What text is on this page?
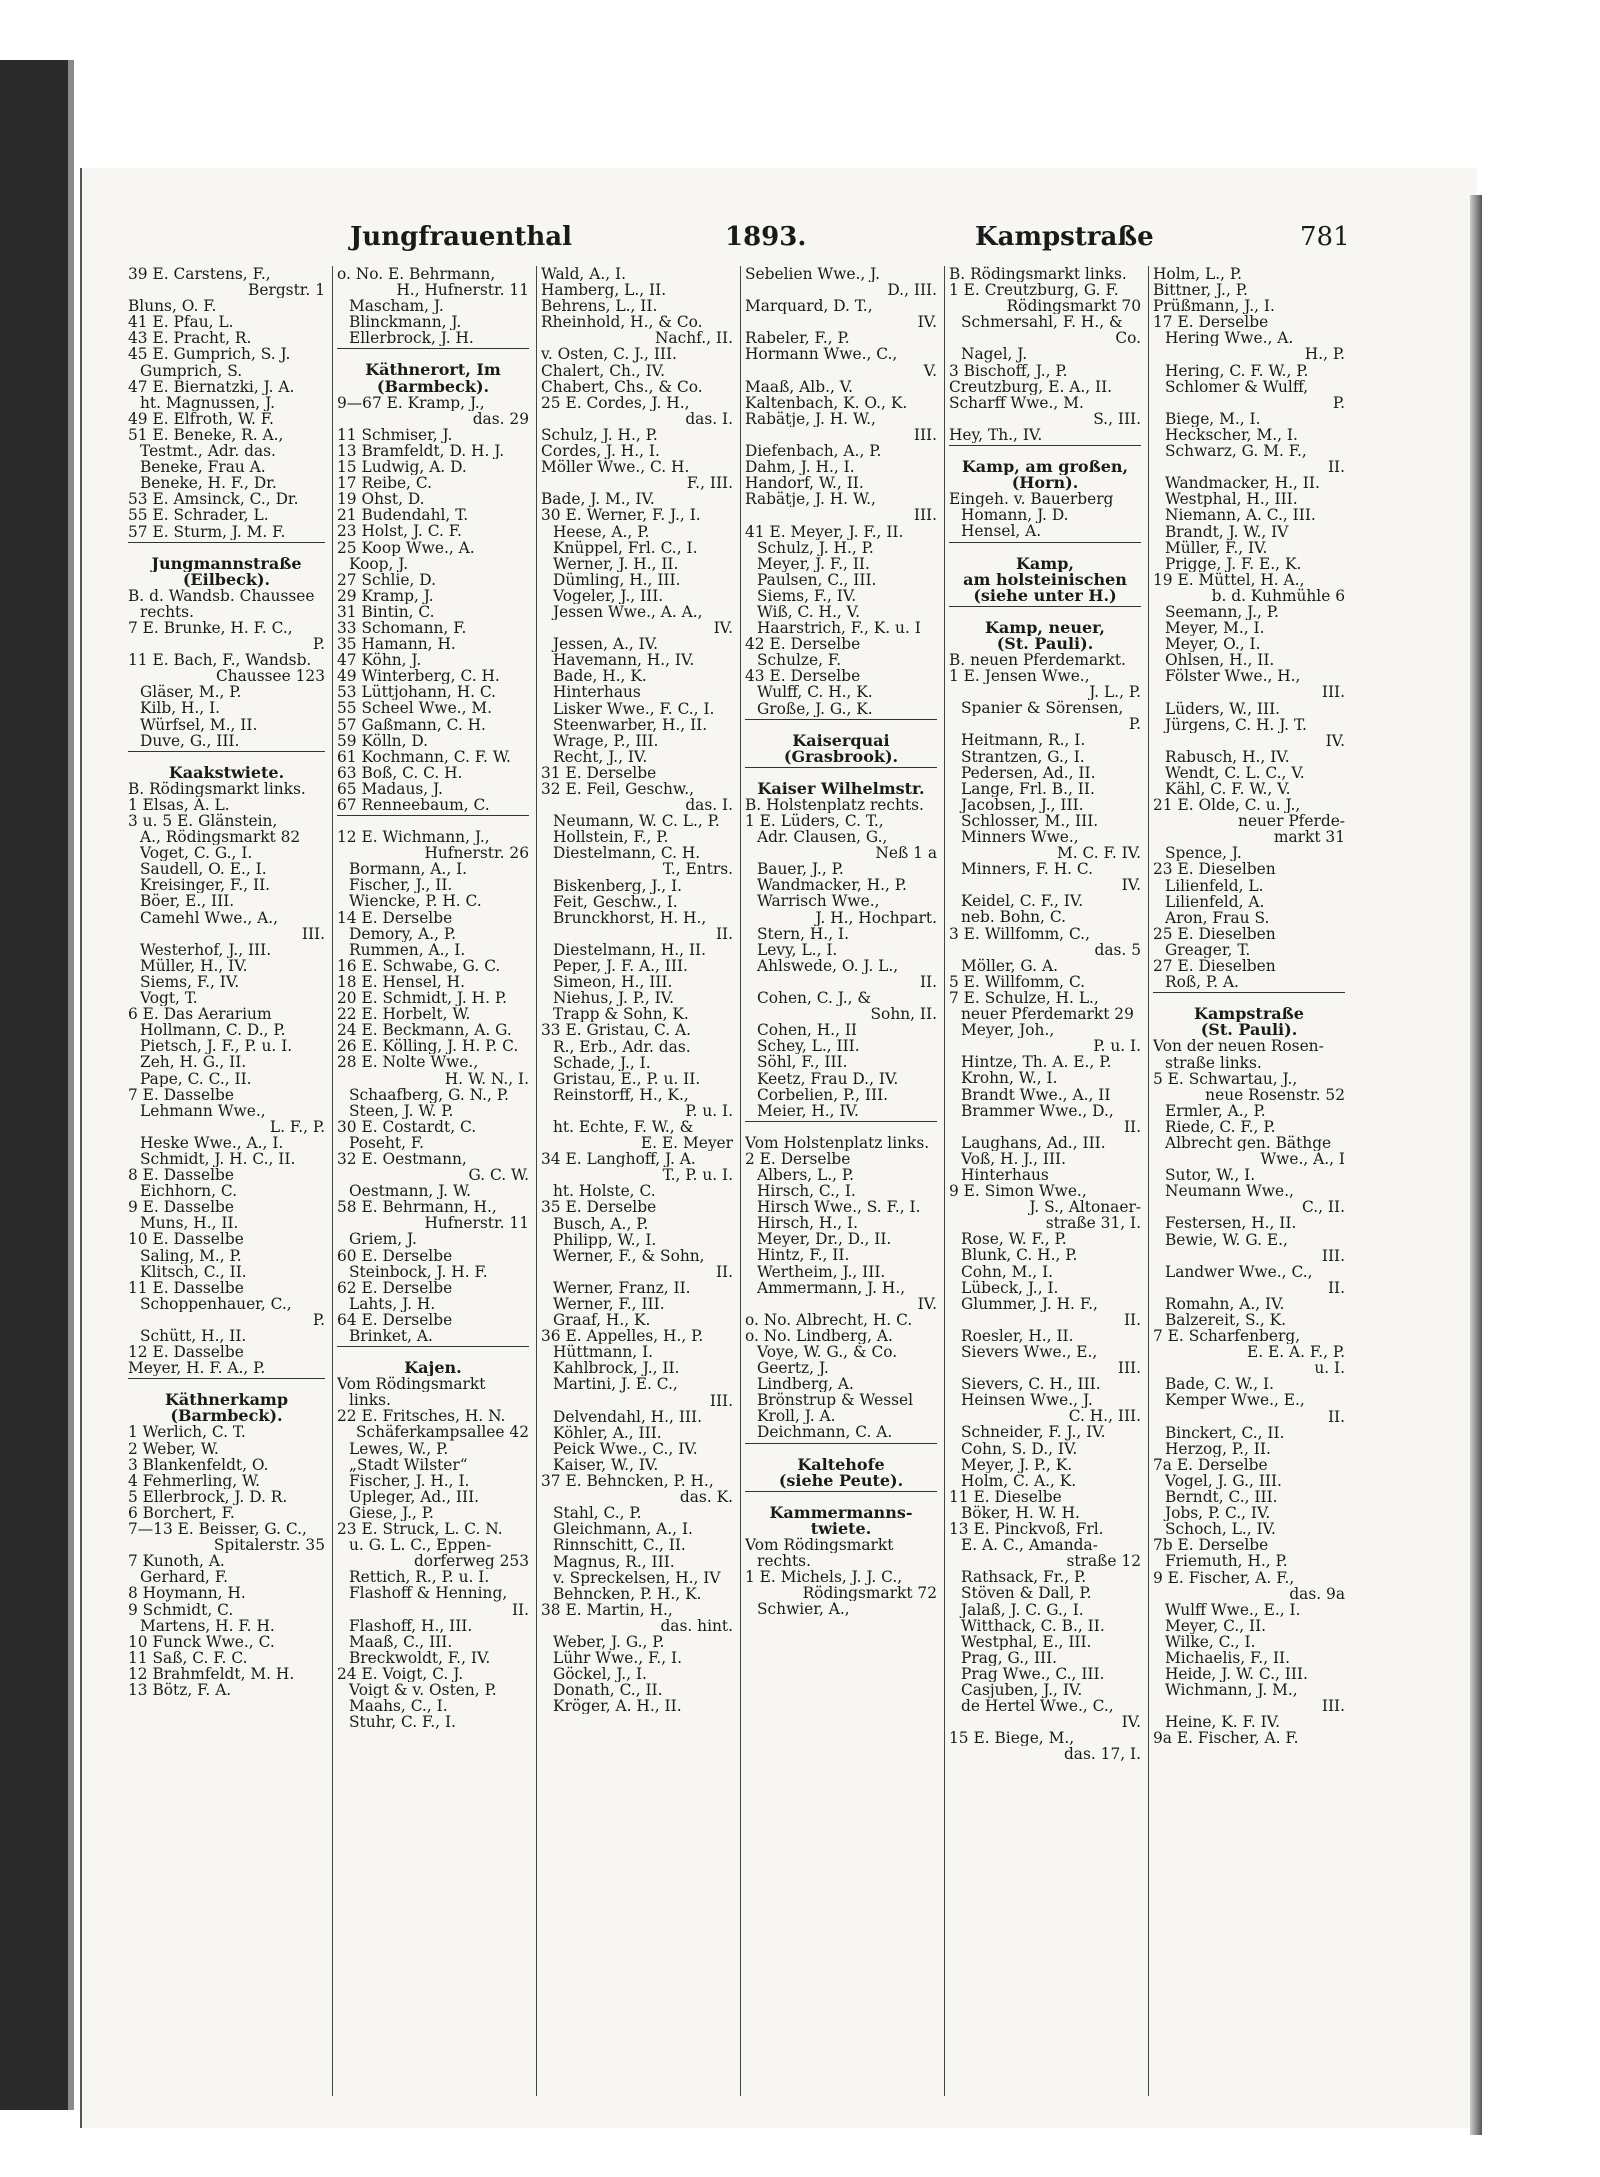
Jungfrauenthal	1893.	Kampstraße	781
39 E. Carstens, F.,
Bergstr. 1
Bluns, O. F.
41 E. Pfau, L.
43 E. Pracht, R.
45 E. Gumprich, S. J.
Gumprich, S.
47 E. Biernatzki, J. A.
ht. Magnussen, J.
49 E. Elfroth, W. F.
51 E. Beneke, R. A.,
Testmt., Adr. das.
Beneke, Frau A.
Beneke, H. F., Dr.
53 E. Amsinck, C., Dr.
55 E. Schrader, L.
57 E. Sturm, J. M. F.
Jungmannstraße
(Eilbeck).
B. d. Wandsb. Chaussee
rechts.
7 E. Brunke, H. F. C.,
P.
11 E. Bach, F., Wandsb.
Chaussee 123
Gläser, M., P.
Kilb, H., I.
Würfsel, M., II.
Duve, G., III.
Kaakstwiete.
B. Rödingsmarkt links.
1 Elsas, A. L.
3 u. 5 E. Glänstein,
A., Rödingsmarkt 82
Voget, C. G., I.
Saudell, O. E., I.
Kreisinger, F., II.
Böer, E., III.
Camehl Wwe., A.,
III.
Westerhof, J., III.
Müller, H., IV.
Siems, F., IV.
Vogt, T.
6 E. Das Aerarium
Hollmann, C. D., P.
Pietsch, J. F., P. u. I.
Zeh, H. G., II.
Pape, C. C., II.
7 E. Dasselbe
Lehmann Wwe.,
L. F., P.
Heske Wwe., A., I.
Schmidt, J. H. C., II.
8 E. Dasselbe
Eichhorn, C.
9 E. Dasselbe
Muns, H., II.
10 E. Dasselbe
Saling, M., P.
Klitsch, C., II.
11 E. Dasselbe
Schoppenhauer, C.,
P.
Schütt, H., II.
12 E. Dasselbe
Meyer, H. F. A., P.
Käthnerkamp
(Barmbeck).
1 Werlich, C. T.
2 Weber, W.
3 Blankenfeldt, O.
4 Fehmerling, W.
5 Ellerbrock, J. D. R.
6 Borchert, F.
7—13 E. Beisser, G. C.,
Spitalerstr. 35
7 Kunoth, A.
Gerhard, F.
8 Hoymann, H.
9 Schmidt, C.
Martens, H. F. H.
10 Funck Wwe., C.
11 Saß, C. F. C.
12 Brahmfeldt, M. H.
13 Bötz, F. A.
o. No. E. Behrmann,
H., Hufnerstr. 11
Mascham, J.
Blinckmann, J.
Ellerbrock, J. H.
Käthnerort, Im
(Barmbeck).
9—67 E. Kramp, J.,
das. 29
11 Schmiser, J.
13 Bramfeldt, D. H. J.
15 Ludwig, A. D.
17 Reibe, C.
19 Ohst, D.
21 Budendahl, T.
23 Holst, J. C. F.
25 Koop Wwe., A.
Koop, J.
27 Schlie, D.
29 Kramp, J.
31 Bintin, C.
33 Schomann, F.
35 Hamann, H.
47 Köhn, J.
49 Winterberg, C. H.
53 Lüttjohann, H. C.
55 Scheel Wwe., M.
57 Gaßmann, C. H.
59 Kölln, D.
61 Kochmann, C. F. W.
63 Boß, C. C. H.
65 Madaus, J.
67 Renneebaum, C.
12 E. Wichmann, J.,
Hufnerstr. 26
Bormann, A., I.
Fischer, J., II.
Wiencke, P. H. C.
14 E. Derselbe
Demory, A., P.
Rummen, A., I.
16 E. Schwabe, G. C.
18 E. Hensel, H.
20 E. Schmidt, J. H. P.
22 E. Horbelt, W.
24 E. Beckmann, A. G.
26 E. Kölling, J. H. P. C.
28 E. Nolte Wwe.,
H. W. N., I.
Schaafberg, G. N., P.
Steen, J. W. P.
30 E. Costardt, C.
Poseht, F.
32 E. Oestmann,
G. C. W.
Oestmann, J. W.
58 E. Behrmann, H.,
Hufnerstr. 11
Griem, J.
60 E. Derselbe
Steinbock, J. H. F.
62 E. Derselbe
Lahts, J. H.
64 E. Derselbe
Brinket, A.
Kajen.
Vom Rödingsmarkt
links.
22 E. Fritsches, H. N.
Schäferkampsallee 42
Lewes, W., P.
„Stadt Wilster“
Fischer, J. H., I.
Upleger, Ad., III.
Giese, J., P.
23 E. Struck, L. C. N.
u. G. L. C., Eppen-
dorferweg 253
Rettich, R., P. u. I.
Flashoff & Henning,
II.
Flashoff, H., III.
Maaß, C., III.
Breckwoldt, F., IV.
24 E. Voigt, C. J.
Voigt & v. Osten, P.
Maahs, C., I.
Stuhr, C. F., I.
Wald, A., I.
Hamberg, L., II.
Behrens, L., II.
Rheinhold, H., & Co.
Nachf., II.
v. Osten, C. J., III.
Chalert, Ch., IV.
Chabert, Chs., & Co.
25 E. Cordes, J. H.,
das. I.
Schulz, J. H., P.
Cordes, J. H., I.
Möller Wwe., C. H.
F., III.
Bade, J. M., IV.
30 E. Werner, F. J., I.
Heese, A., P.
Knüppel, Frl. C., I.
Werner, J. H., II.
Dümling, H., III.
Vogeler, J., III.
Jessen Wwe., A. A.,
IV.
Jessen, A., IV.
Havemann, H., IV.
Bade, H., K.
Hinterhaus
Lisker Wwe., F. C., I.
Steenwarber, H., II.
Wrage, P., III.
Recht, J., IV.
31 E. Derselbe
32 E. Feil, Geschw.,
das. I.
Neumann, W. C. L., P.
Hollstein, F., P.
Diestelmann, C. H.
T., Entrs.
Biskenberg, J., I.
Feit, Geschw., I.
Brunckhorst, H. H.,
II.
Diestelmann, H., II.
Peper, J. F. A., III.
Simeon, H., III.
Niehus, J. P., IV.
Trapp & Sohn, K.
33 E. Gristau, C. A.
R., Erb., Adr. das.
Schade, J., I.
Gristau, E., P. u. II.
Reinstorff, H., K.,
P. u. I.
ht. Echte, F. W., &
E. E. Meyer
34 E. Langhoff, J. A.
T., P. u. I.
ht. Holste, C.
35 E. Derselbe
Busch, A., P.
Philipp, W., I.
Werner, F., & Sohn,
II.
Werner, Franz, II.
Werner, F., III.
Graaf, H., K.
36 E. Appelles, H., P.
Hüttmann, I.
Kahlbrock, J., II.
Martini, J. E. C.,
III.
Delvendahl, H., III.
Köhler, A., III.
Peick Wwe., C., IV.
Kaiser, W., IV.
37 E. Behncken, P. H.,
das. K.
Stahl, C., P.
Gleichmann, A., I.
Rinnschitt, C., II.
Magnus, R., III.
v. Spreckelsen, H., IV
Behncken, P. H., K.
38 E. Martin, H.,
das. hint.
Weber, J. G., P.
Lühr Wwe., F., I.
Göckel, J., I.
Donath, C., II.
Kröger, A. H., II.
Sebelien Wwe., J.
D., III.
Marquard, D. T.,
IV.
Rabeler, F., P.
Hormann Wwe., C.,
V.
Maaß, Alb., V.
Kaltenbach, K. O., K.
Rabätje, J. H. W.,
III.
Diefenbach, A., P.
Dahm, J. H., I.
Handorf, W., II.
Rabätje, J. H. W.,
III.
41 E. Meyer, J. F., II.
Schulz, J. H., P.
Meyer, J. F., II.
Paulsen, C., III.
Siems, F., IV.
Wiß, C. H., V.
Haarstrich, F., K. u. I
42 E. Derselbe
Schulze, F.
43 E. Derselbe
Wulff, C. H., K.
Große, J. G., K.
Kaiserquai
(Grasbrook).
Kaiser Wilhelmstr.
B. Holstenplatz rechts.
1 E. Lüders, C. T.,
Adr. Clausen, G.,
Neß 1 a
Bauer, J., P.
Wandmacker, H., P.
Warrisch Wwe.,
J. H., Hochpart.
Stern, H., I.
Levy, L., I.
Ahlswede, O. J. L.,
II.
Cohen, C. J., &
Sohn, II.
Cohen, H., II
Schey, L., III.
Söhl, F., III.
Keetz, Frau D., IV.
Corbelien, P., III.
Meier, H., IV.
Vom Holstenplatz links.
2 E. Derselbe
Albers, L., P.
Hirsch, C., I.
Hirsch Wwe., S. F., I.
Hirsch, H., I.
Meyer, Dr., D., II.
Hintz, F., II.
Wertheim, J., III.
Ammermann, J. H.,
IV.
o. No. Albrecht, H. C.
o. No. Lindberg, A.
Voye, W. G., & Co.
Geertz, J.
Lindberg, A.
Brönstrup & Wessel
Kroll, J. A.
Deichmann, C. A.
Kaltehofe
(siehe Peute).
Kammermanns-
twiete.
Vom Rödingsmarkt
rechts.
1 E. Michels, J. J. C.,
Rödingsmarkt 72
Schwier, A.,
B. Rödingsmarkt links.
1 E. Creutzburg, G. F.
Rödingsmarkt 70
Schmersahl, F. H., &
Co.
Nagel, J.
3 Bischoff, J., P.
Creutzburg, E. A., II.
Scharff Wwe., M.
S., III.
Hey, Th., IV.
Kamp, am großen,
(Horn).
Eingeh. v. Bauerberg
Homann, J. D.
Hensel, A.
Kamp,
am holsteinischen
(siehe unter H.)
Kamp, neuer,
(St. Pauli).
B. neuen Pferdemarkt.
1 E. Jensen Wwe.,
J. L., P.
Spanier & Sörensen,
P.
Heitmann, R., I.
Strantzen, G., I.
Pedersen, Ad., II.
Lange, Frl. B., II.
Jacobsen, J., III.
Schlosser, M., III.
Minners Wwe.,
M. C. F. IV.
Minners, F. H. C.
IV.
Keidel, C. F., IV.
neb. Bohn, C.
3 E. Willfomm, C.,
das. 5
Möller, G. A.
5 E. Willfomm, C.
7 E. Schulze, H. L.,
neuer Pferdemarkt 29
Meyer, Joh.,
P. u. I.
Hintze, Th. A. E., P.
Krohn, W., I.
Brandt Wwe., A., II
Brammer Wwe., D.,
II.
Laughans, Ad., III.
Voß, H. J., III.
Hinterhaus
9 E. Simon Wwe.,
J. S., Altonaer-
straße 31, I.
Rose, W. F., P.
Blunk, C. H., P.
Cohn, M., I.
Lübeck, J., I.
Glummer, J. H. F.,
II.
Roesler, H., II.
Sievers Wwe., E.,
III.
Sievers, C. H., III.
Heinsen Wwe., J.
C. H., III.
Schneider, F. J., IV.
Cohn, S. D., IV.
Meyer, J. P., K.
Holm, C. A., K.
11 E. Dieselbe
Böker, H. W. H.
13 E. Pinckvoß, Frl.
E. A. C., Amanda-
straße 12
Rathsack, Fr., P.
Stöven & Dall, P.
Jalaß, J. C. G., I.
Witthack, C. B., II.
Westphal, E., III.
Prag, G., III.
Prag Wwe., C., III.
Casjuben, J., IV.
de Hertel Wwe., C.,
IV.
15 E. Biege, M.,
das. 17, I.
Holm, L., P.
Bittner, J., P.
Prüßmann, J., I.
17 E. Derselbe
Hering Wwe., A.
H., P.
Hering, C. F. W., P.
Schlomer & Wulff,
P.
Biege, M., I.
Heckscher, M., I.
Schwarz, G. M. F.,
II.
Wandmacker, H., II.
Westphal, H., III.
Niemann, A. C., III.
Brandt, J. W., IV
Müller, F., IV.
Prigge, J. F. E., K.
19 E. Müttel, H. A.,
b. d. Kuhmühle 6
Seemann, J., P.
Meyer, M., I.
Meyer, O., I.
Ohlsen, H., II.
Fölster Wwe., H.,
III.
Lüders, W., III.
Jürgens, C. H. J. T.
IV.
Rabusch, H., IV.
Wendt, C. L. C., V.
Kähl, C. F. W., V.
21 E. Olde, C. u. J.,
neuer Pferde-
markt 31
Spence, J.
23 E. Dieselben
Lilienfeld, L.
Lilienfeld, A.
Aron, Frau S.
25 E. Dieselben
Greager, T.
27 E. Dieselben
Roß, P. A.
Kampstraße
(St. Pauli).
Von der neuen Rosen-
straße links.
5 E. Schwartau, J.,
neue Rosenstr. 52
Ermler, A., P.
Riede, C. F., P.
Albrecht gen. Bäthge
Wwe., A., I
Sutor, W., I.
Neumann Wwe.,
C., II.
Festersen, H., II.
Bewie, W. G. E.,
III.
Landwer Wwe., C.,
II.
Romahn, A., IV.
Balzereit, S., K.
7 E. Scharfenberg,
E. E. A. F., P.
u. I.
Bade, C. W., I.
Kemper Wwe., E.,
II.
Binckert, C., II.
Herzog, P., II.
7a E. Derselbe
Vogel, J. G., III.
Berndt, C., III.
Jobs, P. C., IV.
Schoch, L., IV.
7b E. Derselbe
Friemuth, H., P.
9 E. Fischer, A. F.,
das. 9a
Wulff Wwe., E., I.
Meyer, C., II.
Wilke, C., I.
Michaelis, F., II.
Heide, J. W. C., III.
Wichmann, J. M.,
III.
Heine, K. F. IV.
9a E. Fischer, A. F.
